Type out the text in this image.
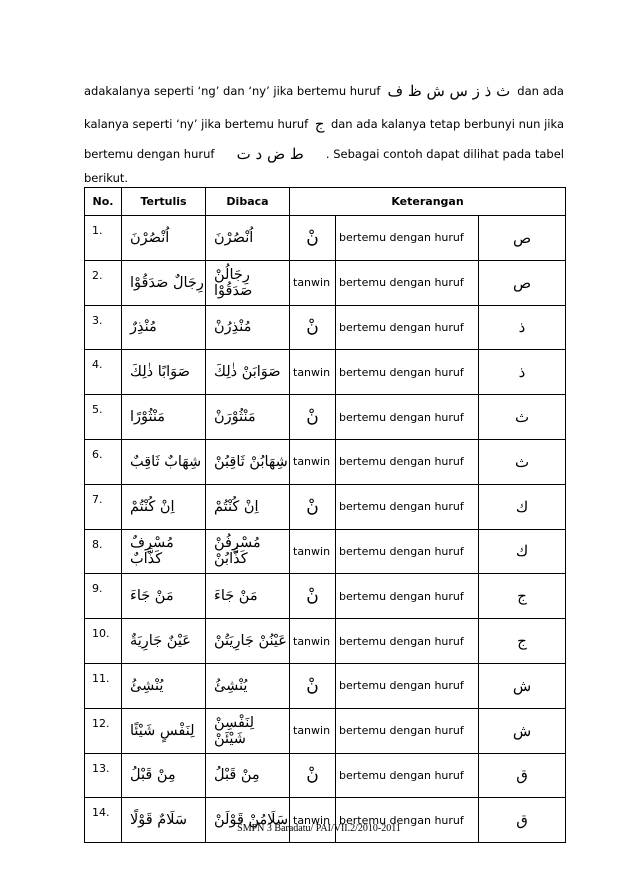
adakalanya seperti ‘ng’ dan ‘ny’ jika bertemu huruf ث ذ ز س ش ظ ف dan ada
kalanya seperti ‘ny’ jika bertemu huruf ج dan ada kalanya tetap berbunyi nun jika
bertemu dengan huruf ط ض د ت . Sebagai contoh dapat dilihat pada tabel
berikut.
No.	Tertulis	Dibaca	Keterangan		
1.	اُنْصُرْنَ	اُنْصُرْنَ	نْ	bertemu dengan huruf	ص
2.	رِجَالٌ صَدَقُوْا	رِجَالُنْ صَدَقُوْا	tanwin	bertemu dengan huruf	ص
3.	مُنْذِرٌ	مُنْذِرُنْ	نْ	bertemu dengan huruf	ذ
4.	صَوَابًا ذٰلِكَ	صَوَابَنْ ذٰلِكَ	tanwin	bertemu dengan huruf	ذ
5.	مَنْثُوْرًا	مَنْثُوْرَنْ	نْ	bertemu dengan huruf	ث
6.	شِهَابٌ ثَاقِبٌ	شِهَابُنْ ثَاقِبُنْ	tanwin	bertemu dengan huruf	ث
7.	اِنْ كُنْتُمْ	اِنْ كُنْتُمْ	نْ	bertemu dengan huruf	ك
8.	مُسْرِفٌ كَذَّابٌ	مُسْرِفُنْ كَذَّابُنْ	tanwin	bertemu dengan huruf	ك
9.	مَنْ جَاءَ	مَنْ جَاءَ	نْ	bertemu dengan huruf	ج
10.	عَيْنٌ جَارِيَةٌ	عَيْنُنْ جَارِيَتُنْ	tanwin	bertemu dengan huruf	ج
11.	يُنْشِئُ	يُنْشِئُ	نْ	bertemu dengan huruf	ش
12.	لِنَفْسٍ شَيْئًا	لِنَفْسِنْ شَيْئَنْ	tanwin	bertemu dengan huruf	ش
13.	مِنْ قَبْلُ	مِنْ قَبْلُ	نْ	bertemu dengan huruf	ق
14.	سَلَامٌ قَوْلًا	سَلَامُنْ قَوْلَنْ	tanwin	bertemu dengan huruf	ق
SMPN 3 Baradatu/ PAI/VII.2/2010-2011
